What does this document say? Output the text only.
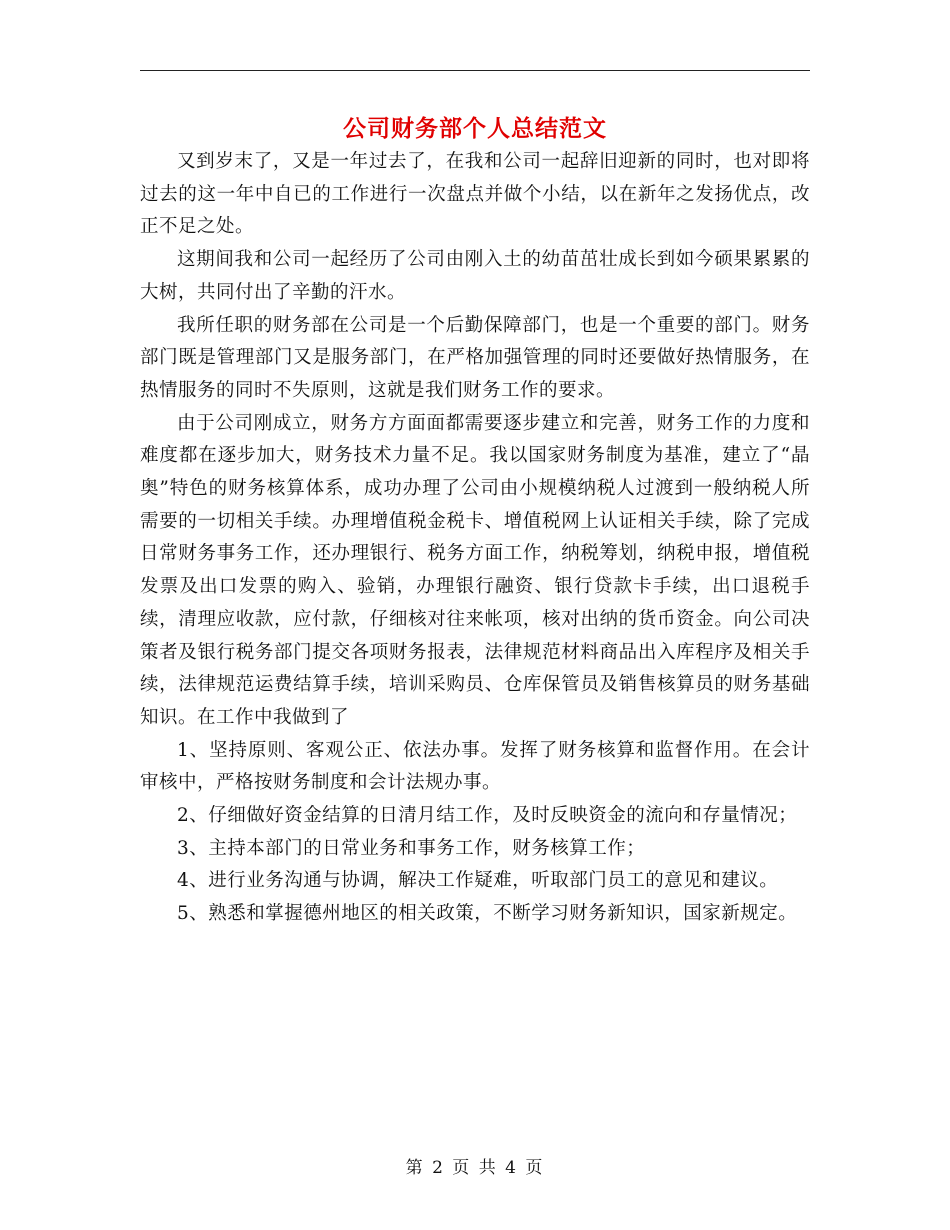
公司财务部个人总结范文

又到岁末了，又是一年过去了，在我和公司一起辞旧迎新的同时，也对即将过去的这一年中自已的工作进行一次盘点并做个小结，以在新年之发扬优点，改正不足之处。

这期间我和公司一起经历了公司由刚入土的幼苗茁壮成长到如今硕果累累的大树，共同付出了辛勤的汗水。

我所任职的财务部在公司是一个后勤保障部门，也是一个重要的部门。财务部门既是管理部门又是服务部门，在严格加强管理的同时还要做好热情服务，在热情服务的同时不失原则，这就是我们财务工作的要求。

由于公司刚成立，财务方方面面都需要逐步建立和完善，财务工作的力度和难度都在逐步加大，财务技术力量不足。我以国家财务制度为基准，建立了“晶奥”特色的财务核算体系，成功办理了公司由小规模纳税人过渡到一般纳税人所需要的一切相关手续。办理增值税金税卡、增值税网上认证相关手续，除了完成日常财务事务工作，还办理银行、税务方面工作，纳税筹划，纳税申报，增值税发票及出口发票的购入、验销，办理银行融资、银行贷款卡手续，出口退税手续，清理应收款，应付款，仔细核对往来帐项，核对出纳的货币资金。向公司决策者及银行税务部门提交各项财务报表，法律规范材料商品出入库程序及相关手续，法律规范运费结算手续，培训采购员、仓库保管员及销售核算员的财务基础知识。在工作中我做到了

1、坚持原则、客观公正、依法办事。发挥了财务核算和监督作用。在会计审核中，严格按财务制度和会计法规办事。

2、仔细做好资金结算的日清月结工作，及时反映资金的流向和存量情况；

3、主持本部门的日常业务和事务工作，财务核算工作；

4、进行业务沟通与协调，解决工作疑难，听取部门员工的意见和建议。

5、熟悉和掌握德州地区的相关政策，不断学习财务新知识，国家新规定。

第 2 页 共 4 页
